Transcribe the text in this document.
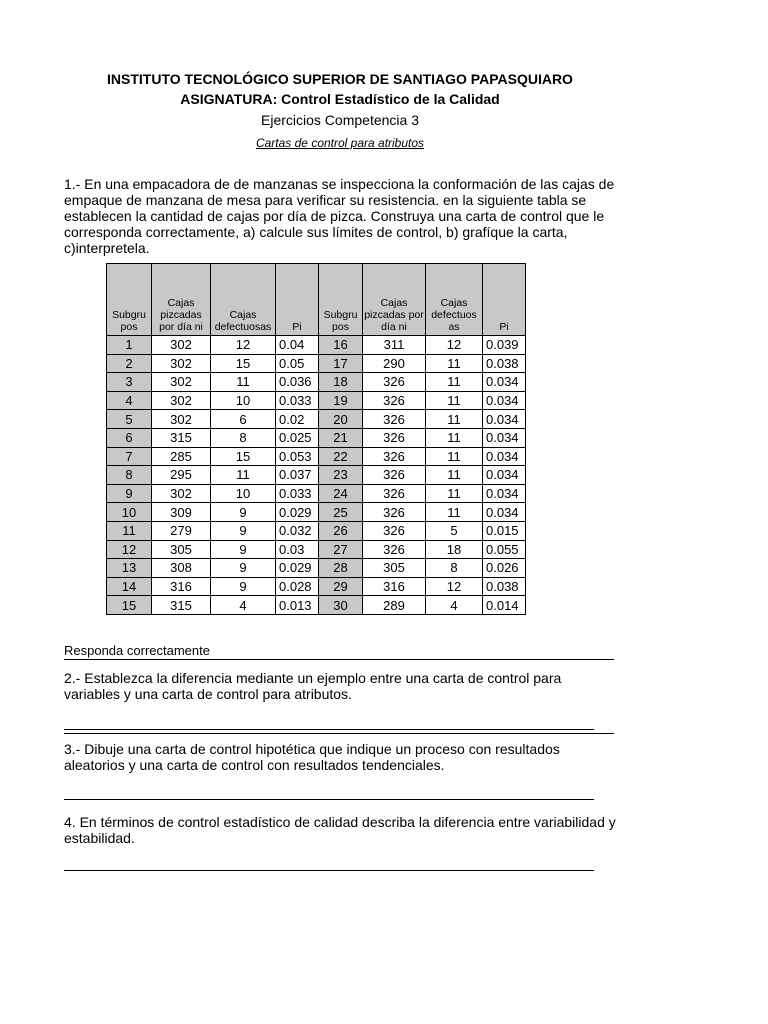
INSTITUTO TECNOLÓGICO SUPERIOR DE SANTIAGO PAPASQUIARO
ASIGNATURA: Control Estadístico de la Calidad
Ejercicios Competencia 3
Cartas de control para atributos
1.- En una empacadora de de manzanas se inspecciona la conformación de las cajas de empaque de manzana de mesa para verificar su resistencia. en la siguiente tabla se establecen la cantidad de cajas por día de pizca. Construya una carta de control que le corresponda correctamente, a) calcule sus límites de control, b) grafíque la carta, c)interpretela.
Subgru pos	Cajas pizcadas por día ni	Cajas defectuosas	Pi	Subgru pos	Cajas pizcadas por día ni	Cajas defectuos as	Pi
1	302	12	0.04	16	311	12	0.039
2	302	15	0.05	17	290	11	0.038
3	302	11	0.036	18	326	11	0.034
4	302	10	0.033	19	326	11	0.034
5	302	6	0.02	20	326	11	0.034
6	315	8	0.025	21	326	11	0.034
7	285	15	0.053	22	326	11	0.034
8	295	11	0.037	23	326	11	0.034
9	302	10	0.033	24	326	11	0.034
10	309	9	0.029	25	326	11	0.034
11	279	9	0.032	26	326	5	0.015
12	305	9	0.03	27	326	18	0.055
13	308	9	0.029	28	305	8	0.026
14	316	9	0.028	29	316	12	0.038
15	315	4	0.013	30	289	4	0.014
Responda correctamente
2.- Establezca la diferencia mediante un ejemplo entre una carta de control para variables y una carta de control para atributos.
3.- Dibuje una carta de control hipotética que indique un proceso con resultados aleatorios y una carta de control con resultados tendenciales.
4. En términos de control estadístico de calidad describa la diferencia entre variabilidad y estabilidad.
